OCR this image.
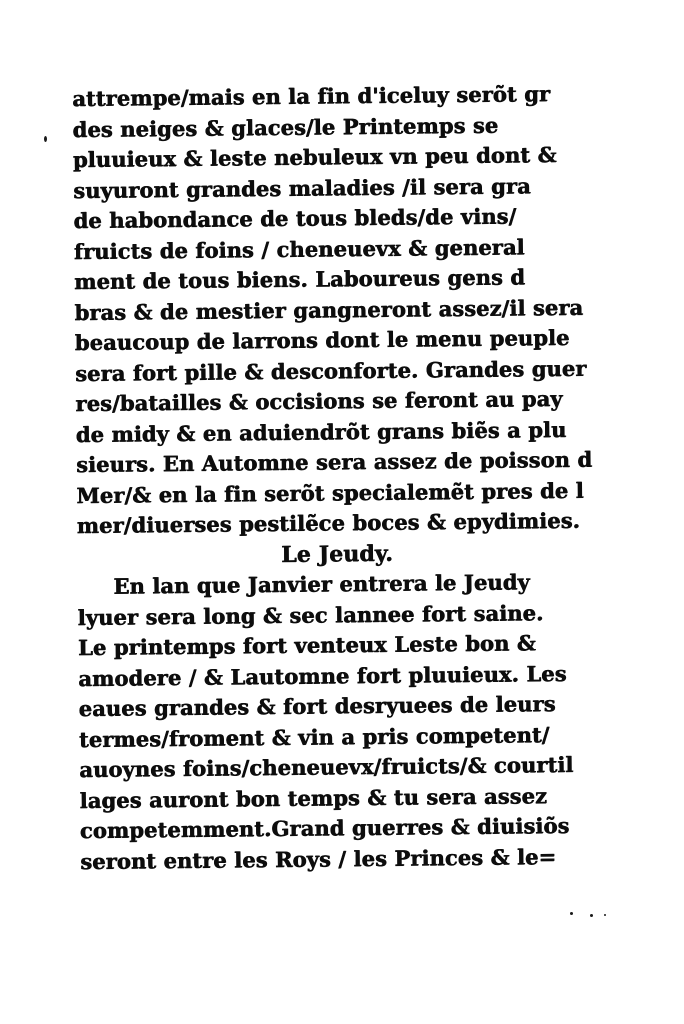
attrempe/mais en la fin d'iceluy serõt gr
des neiges & glaces/le Printemps se
pluuieux & leste nebuleux vn peu dont &
suyuront grandes maladies /il sera gra
de habondance de tous bleds/de vins/
fruicts de foins / cheneuevx & general
ment de tous biens. Laboureus gens d
bras & de mestier gangneront assez/il sera
beaucoup de larrons dont le menu peuple
sera fort pille & desconforte. Grandes guer
res/batailles & occisions se feront au pay
de midy & en aduiendrõt grans biẽs a plu
sieurs. En Automne sera assez de poisson d
Mer/& en la fin serõt specialemẽt pres de l
mer/diuerses pestilẽce boces & epydimies.
Le Jeudy.
En lan que Janvier entrera le Jeudy
lyuer sera long & sec lannee fort saine.
Le printemps fort venteux Leste bon &
amodere / & Lautomne fort pluuieux. Les
eaues grandes & fort desryuees de leurs
termes/froment & vin a pris competent/
auoynes foins/cheneuevx/fruicts/& courtil
lages auront bon temps & tu sera assez
competemment.Grand guerres & diuisiõs
seront entre les Roys / les Princes & le=
